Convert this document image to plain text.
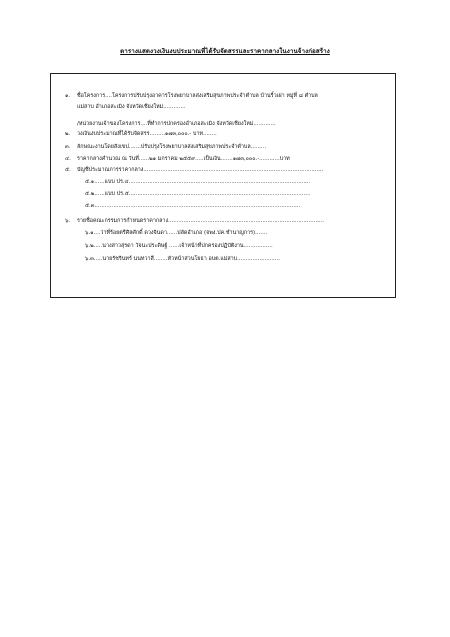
ตารางแสดงวงเงินงบประมาณที่ได้รับจัดสรรและราคากลางในงานจ้างก่อสร้าง
๑.	ชื่อโครงการ....โครงการปรับปรุงอาคารโรงพยาบาลส่งเสริมสุขภาพประจำตำบล บ้านริ้วเผ่า หมู่ที่ ๘ ตำบล
แม่สาบ อำเภอสะเมิง จังหวัดเชียงใหม่.............
/หน่วยงานเจ้าของโครงการ....ที่ทำการปกครองอำเภอสะเมิง จังหวัดเชียงใหม่.............
๒.	วงเงินงบประมาณที่ได้รับจัดสรร.........๑๗๓,๐๐๐.- บาท........
๓.	ลักษณะงานโดยสังเขป.......ปรับปรุงโรงพยาบาลส่งเสริมสุขภาพประจำตำบล.........
๔.	ราคากลางคำนวณ ณ วันที่......๒๑ มกราคม ๒๕๕๙.....เป็นเงิน.......๑๗๓,๐๐๐.-............บาท
๕.	บัญชีประมาณการราคากลาง.........................................................................................................
๕.๑......แบบ ปร.๔..........................................................................................................
๕.๒......แบบ ปร.๕..........................................................................................................
๕.๓........................................................................................................................
๖.	รายชื่อคณะกรรมการกำหนดราคากลาง...........................................................................................
๖.๑....ว่าที่ร้อยตรีศิลศักดิ์ ดวงจินดา......ปลัดอำเภอ (จพง.ปค.ชำนาญการ).......
๖.๒.....นางสาวสุรดา วัจนะประดิษฐ์ ......เจ้าหน้าที่ปกครองปฏิบัติงาน.................
๖.๓.....นายรัชรินทร์ นนทวาสี........หัวหน้าส่วนโยธา อบต.แม่สาบ.........................
